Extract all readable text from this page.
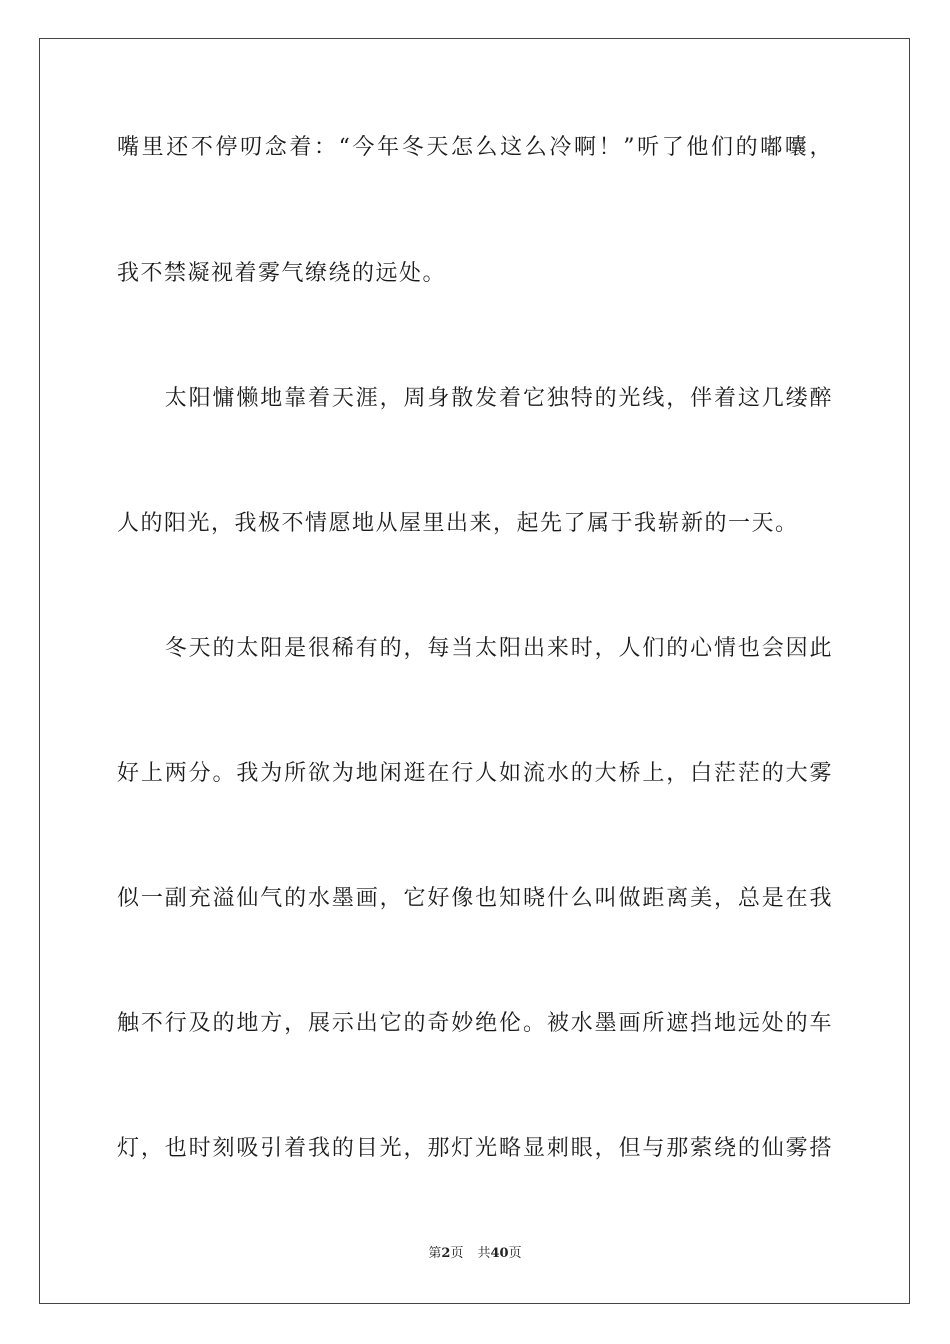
嘴里还不停叨念着：“今年冬天怎么这么冷啊！”听了他们的嘟囔，
我不禁凝视着雾气缭绕的远处。
　　太阳慵懒地靠着天涯，周身散发着它独特的光线，伴着这几缕醉
人的阳光，我极不情愿地从屋里出来，起先了属于我崭新的一天。
　　冬天的太阳是很稀有的，每当太阳出来时，人们的心情也会因此
好上两分。我为所欲为地闲逛在行人如流水的大桥上，白茫茫的大雾
似一副充溢仙气的水墨画，它好像也知晓什么叫做距离美，总是在我
触不行及的地方，展示出它的奇妙绝伦。被水墨画所遮挡地远处的车
灯，也时刻吸引着我的目光，那灯光略显刺眼，但与那萦绕的仙雾搭
第2页 共40页
